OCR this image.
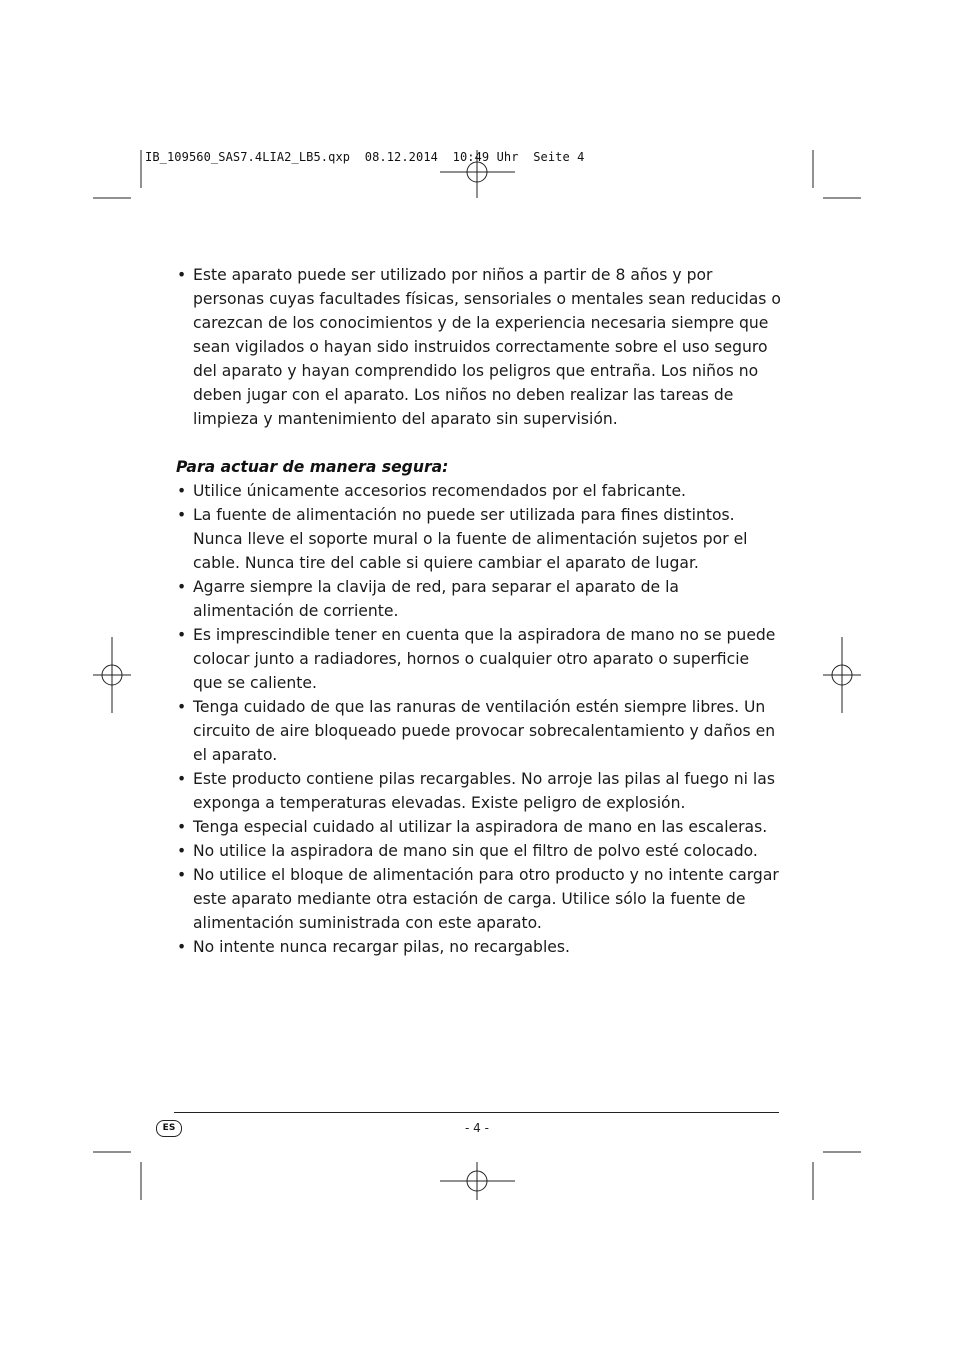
IB_109560_SAS7.4LIA2_LB5.qxp  08.12.2014  10:49 Uhr  Seite 4
• Este aparato puede ser utilizado por niños a partir de 8 años y por personas cuyas facultades físicas, sensoriales o mentales sean reducidas o carezcan de los conocimientos y de la experiencia necesaria siempre que sean vigilados o hayan sido instruidos correctamente sobre el uso seguro del aparato y hayan comprendido los peligros que entraña. Los niños no deben jugar con el aparato. Los niños no deben realizar las tareas de limpieza y mantenimiento del aparato sin supervisión.

Para actuar de manera segura:

• Utilice únicamente accesorios recomendados por el fabricante.
• La fuente de alimentación no puede ser utilizada para fines distintos. Nunca lleve el soporte mural o la fuente de alimentación sujetos por el cable. Nunca tire del cable si quiere cambiar el aparato de lugar.
• Agarre siempre la clavija de red, para separar el aparato de la alimentación de corriente.
• Es imprescindible tener en cuenta que la aspiradora de mano no se puede colocar junto a radiadores, hornos o cualquier otro aparato o superficie que se caliente.
• Tenga cuidado de que las ranuras de ventilación estén siempre libres. Un circuito de aire bloqueado puede provocar sobrecalentamiento y daños en el aparato.
• Este producto contiene pilas recargables. No arroje las pilas al fuego ni las exponga a temperaturas elevadas. Existe peligro de explosión.
• Tenga especial cuidado al utilizar la aspiradora de mano en las escaleras.
• No utilice la aspiradora de mano sin que el filtro de polvo esté colocado.
• No utilice el bloque de alimentación para otro producto y no intente cargar este aparato mediante otra estación de carga. Utilice sólo la fuente de alimentación suministrada con este aparato.
• No intente nunca recargar pilas, no recargables.
ES	- 4 -
